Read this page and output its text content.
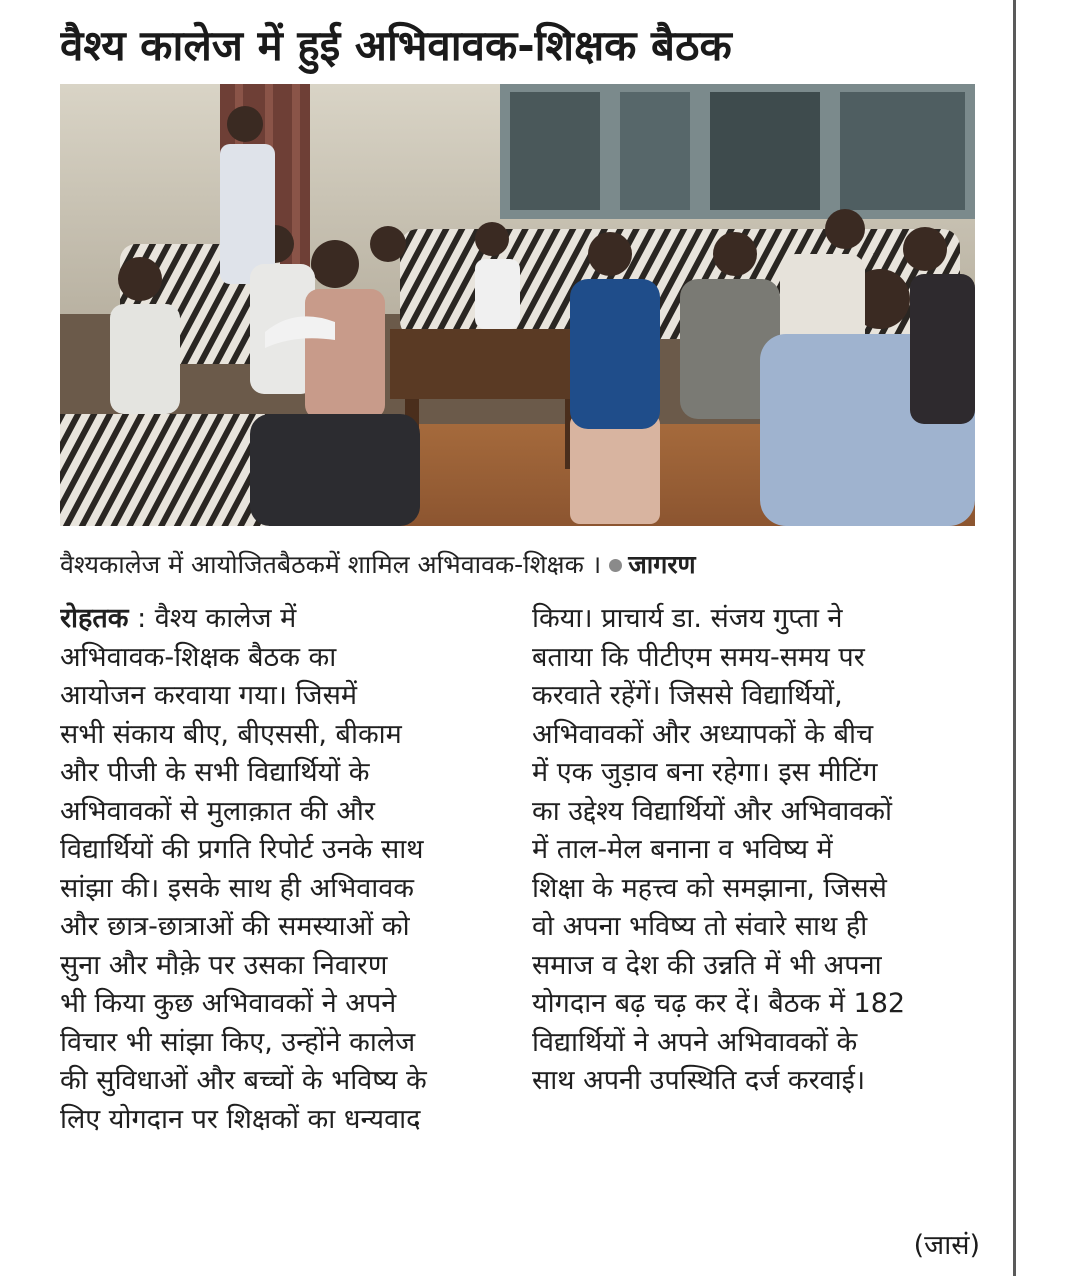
वैश्य कालेज में हुई अभिवावक-शिक्षक बैठक
वैश्यकालेज में आयोजितबैठकमें शामिल अभिवावक-शिक्षक । जागरण
रोहतक : वैश्य कालेज में
अभिवावक-शिक्षक बैठक का
आयोजन करवाया गया। जिसमें
सभी संकाय बीए, बीएससी, बीकाम
और पीजी के सभी विद्यार्थियों के
अभिवावकों से मुलाक़ात की और
विद्यार्थियों की प्रगति रिपोर्ट उनके साथ
सांझा की। इसके साथ ही अभिवावक
और छात्र-छात्राओं की समस्याओं को
सुना और मौक़े पर उसका निवारण
भी किया कुछ अभिवावकों ने अपने
विचार भी सांझा किए, उन्होंने कालेज
की सुविधाओं और बच्चों के भविष्य के
लिए योगदान पर शिक्षकों का धन्यवाद
किया। प्राचार्य डा. संजय गुप्ता ने
बताया कि पीटीएम समय-समय पर
करवाते रहेंगें। जिससे विद्यार्थियों,
अभिवावकों और अध्यापकों के बीच
में एक जुड़ाव बना रहेगा। इस मीटिंग
का उद्देश्य विद्यार्थियों और अभिवावकों
में ताल-मेल बनाना व भविष्य में
शिक्षा के महत्त्व को समझाना, जिससे
वो अपना भविष्य तो संवारे साथ ही
समाज व देश की उन्नति में भी अपना
योगदान बढ़ चढ़ कर दें। बैठक में 182
विद्यार्थियों ने अपने अभिवावकों के
साथ अपनी उपस्थिति दर्ज करवाई।
(जासं)
